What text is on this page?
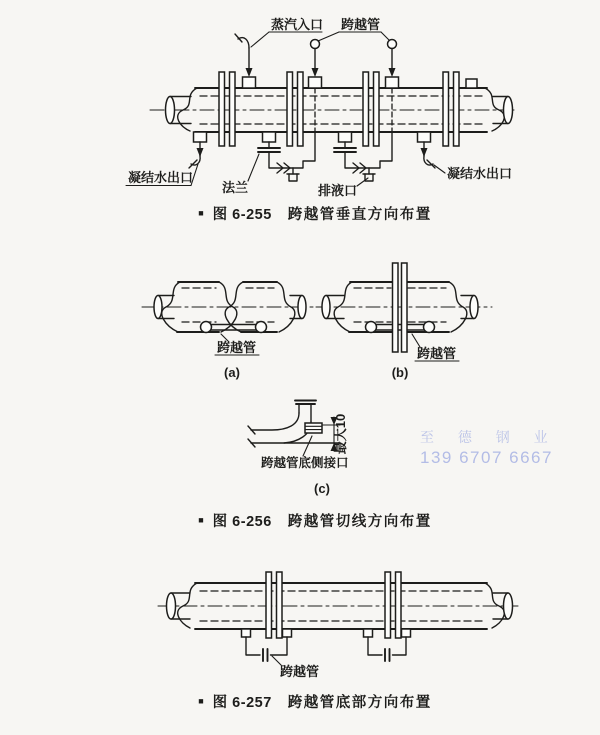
蒸汽入口 跨越管
凝结水出口
法兰	排液口
凝结水出口
■ 图 6-255 跨越管垂直方向布置
跨越管
(a)
跨越管
(b)
最大10
跨越管底侧接口
(c)
■ 图 6-256 跨越管切线方向布置
跨越管
■ 图 6-257 跨越管底部方向布置
至 德 钢 业
139 6707 6667
